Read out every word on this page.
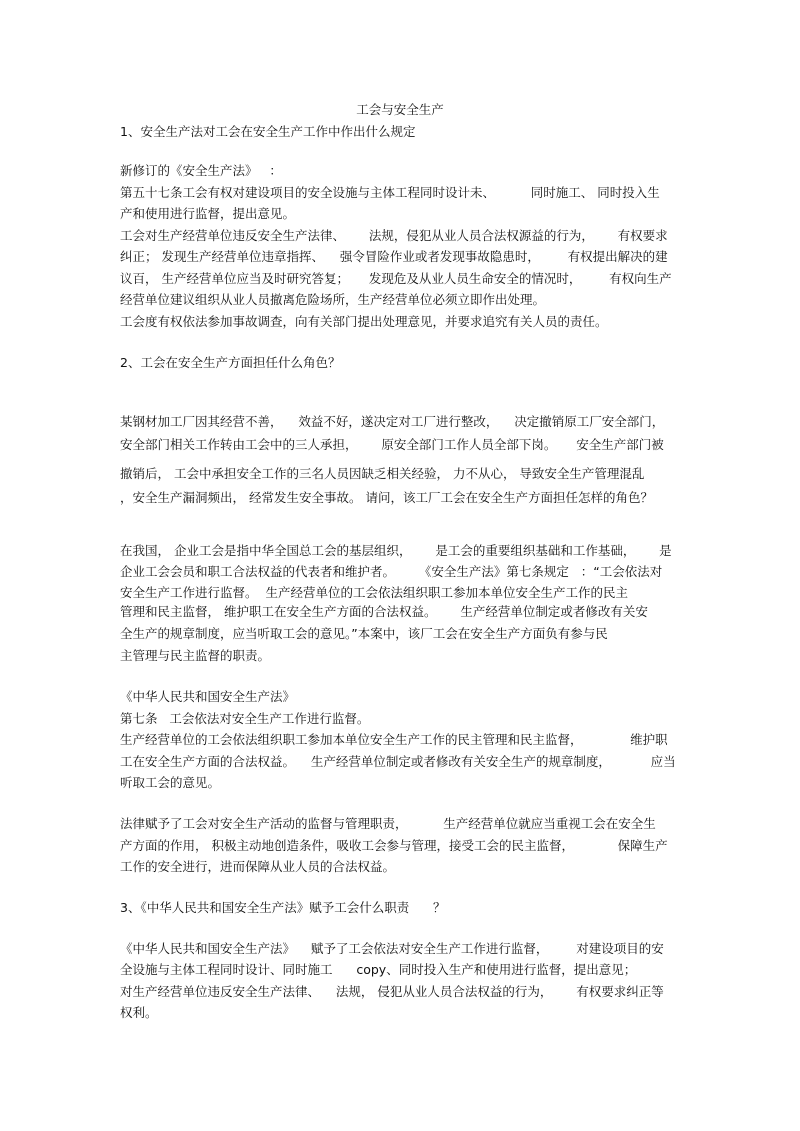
工会与安全生产
1、安全生产法对工会在安全生产工作中作出什么规定
新修订的《安全生产法》   ：
第五十七条工会有权对建设项目的安全设施与主体工程同时设计未、         同时施工、 同时投入生
产和使用进行监督，提出意见。
工会对生产经营单位违反安全生产法律、      法规，侵犯从业人员合法权源益的行为，      有权要求
纠正； 发现生产经营单位违章指挥、    强令冒险作业或者发现事故隐患时，       有权提出解决的建
议百， 生产经营单位应当及时研究答复；     发现危及从业人员生命安全的情况时，       有权向生产
经营单位建议组织从业人员撤离危险场所，生产经营单位必须立即作出处理。
工会度有权依法参加事故调查，向有关部门提出处理意见，并要求追究有关人员的责任。
2、工会在安全生产方面担任什么角色？
某钢材加工厂因其经营不善，    效益不好，遂决定对工厂进行整改，    决定撤销原工厂安全部门，
安全部门相关工作转由工会中的三人承担，      原安全部门工作人员全部下岗。     安全生产部门被
撤销后， 工会中承担安全工作的三名人员因缺乏相关经验， 力不从心， 导致安全生产管理混乱
，安全生产漏洞频出， 经常发生安全事故。 请问，该工厂工会在安全生产方面担任怎样的角色？
在我国， 企业工会是指中华全国总工会的基层组织，      是工会的重要组织基础和工作基础，      是
企业工会会员和职工合法权益的代表者和维护者。      《安全生产法》第七条规定   ：“工会依法对
安全生产工作进行监督。  生产经营单位的工会依法组织职工参加本单位安全生产工作的民主
管理和民主监督， 维护职工在安全生产方面的合法权益。      生产经营单位制定或者修改有关安
全生产的规章制度，应当听取工会的意见。”本案中，该厂工会在安全生产方面负有参与民
主管理与民主监督的职责。
《中华人民共和国安全生产法》
第七条   工会依法对安全生产工作进行监督。
生产经营单位的工会依法组织职工参加本单位安全生产工作的民主管理和民主监督，            维护职
工在安全生产方面的合法权益。    生产经营单位制定或者修改有关安全生产的规章制度，          应当
听取工会的意见。
法律赋予了工会对安全生产活动的监督与管理职责，         生产经营单位就应当重视工会在安全生
产方面的作用， 积极主动地创造条件，吸收工会参与管理，接受工会的民主监督，           保障生产
工作的安全进行，进而保障从业人员的合法权益。
3、《中华人民共和国安全生产法》赋予工会什么职责      ？
《中华人民共和国安全生产法》    赋予了工会依法对安全生产工作进行监督，       对建设项目的安
全设施与主体工程同时设计、同时施工      copy、同时投入生产和使用进行监督，提出意见；
对生产经营单位违反安全生产法律、    法规， 侵犯从业人员合法权益的行为，      有权要求纠正等
权利。
